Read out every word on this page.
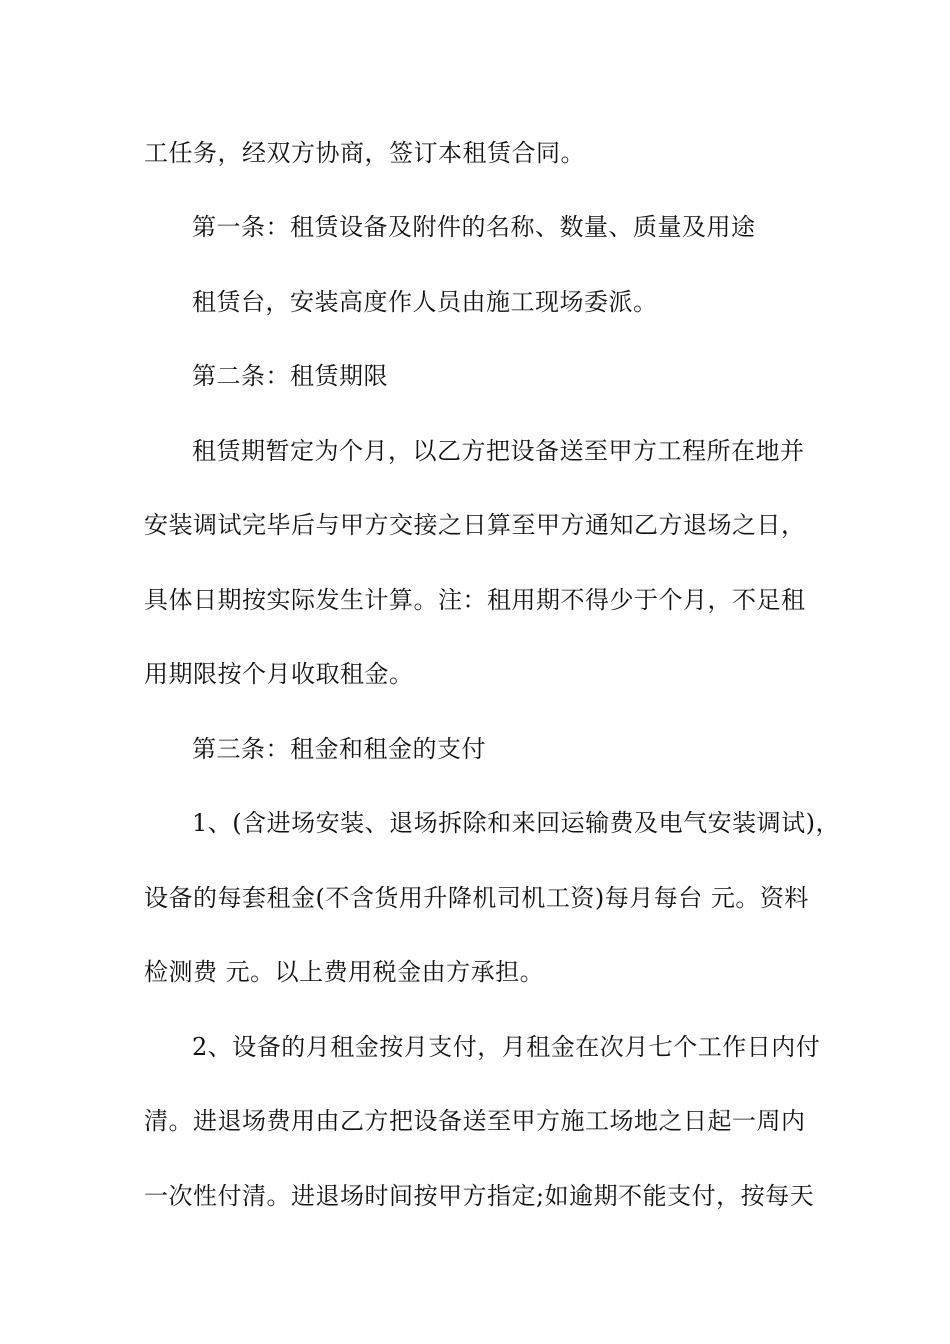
工任务，经双方协商，签订本租赁合同。
第一条：租赁设备及附件的名称、数量、质量及用途
租赁台，安装高度作人员由施工现场委派。
第二条：租赁期限
租赁期暂定为个月，以乙方把设备送至甲方工程所在地并
安装调试完毕后与甲方交接之日算至甲方通知乙方退场之日，
具体日期按实际发生计算。注：租用期不得少于个月，不足租
用期限按个月收取租金。
第三条：租金和租金的支付
1、(含进场安装、退场拆除和来回运输费及电气安装调试)，
设备的每套租金(不含货用升降机司机工资)每月每台 元。资料
检测费 元。以上费用税金由方承担。
2、设备的月租金按月支付，月租金在次月七个工作日内付
清。进退场费用由乙方把设备送至甲方施工场地之日起一周内
一次性付清。进退场时间按甲方指定;如逾期不能支付，按每天
